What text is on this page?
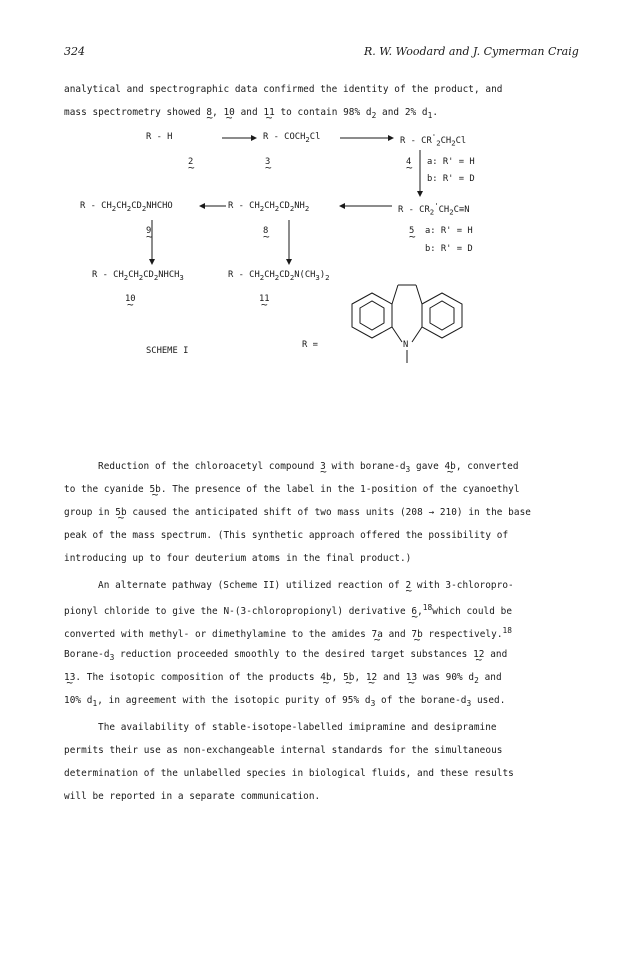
324	R. W. Woodard and J. Cymerman Craig
analytical and spectrographic data confirmed the identity of the product, and
mass spectrometry showed 8 ~, 10 ~ and 11 ~ to contain 98% $d_2$ and 2% $d_1$.
R - H	R - $COCH_2Cl$	R - $CR'_2CH_2Cl$
2 ~	3 ~	4 ~ a: R' = H
b: R' = D
R - $CH_2CH_2CD_2NHCHO$	R - $CH_2CH_2CD_2NH_2$	$R - CR_2'CH_2C\equiv N$
9 ~	8 ~	5 ~ a: R' = H
b: R' = D
R - $CH_2CH_2CD_2NHCH_3$	R - $CH_2CH_2CD_2N(CH_3)_2$
10 ~	11 ~
SCHEME I
R =	N
Reduction of the chloroacetyl compound 3 ~ with borane-$d_3$ gave 4b ~, converted
to the cyanide 5b ~. The presence of the label in the 1-position of the cyanoethyl
group in 5b ~ caused the anticipated shift of two mass units (208 → 210) in the base
peak of the mass spectrum. (This synthetic approach offered the possibility of
introducing up to four deuterium atoms in the final product.)
An alternate pathway (Scheme II) utilized reaction of 2 ~ with 3-chloropro-
pionyl chloride to give the N-(3-chloropropionyl) derivative 6 ~,$^{18}$which could be
converted with methyl- or dimethylamine to the amides 7a ~ and 7b ~ respectively.$^{18}$
Borane-$d_3$ reduction proceeded smoothly to the desired target substances 12 ~ and
13 ~. The isotopic composition of the products 4b ~, 5b ~, 12 ~ and 13 ~ was 90% $d_2$ and
10% $d_1$, in agreement with the isotopic purity of 95% $d_3$ of the borane-$d_3$ used.
The availability of stable-isotope-labelled imipramine and desipramine
permits their use as non-exchangeable internal standards for the simultaneous
determination of the unlabelled species in biological fluids, and these results
will be reported in a separate communication.
